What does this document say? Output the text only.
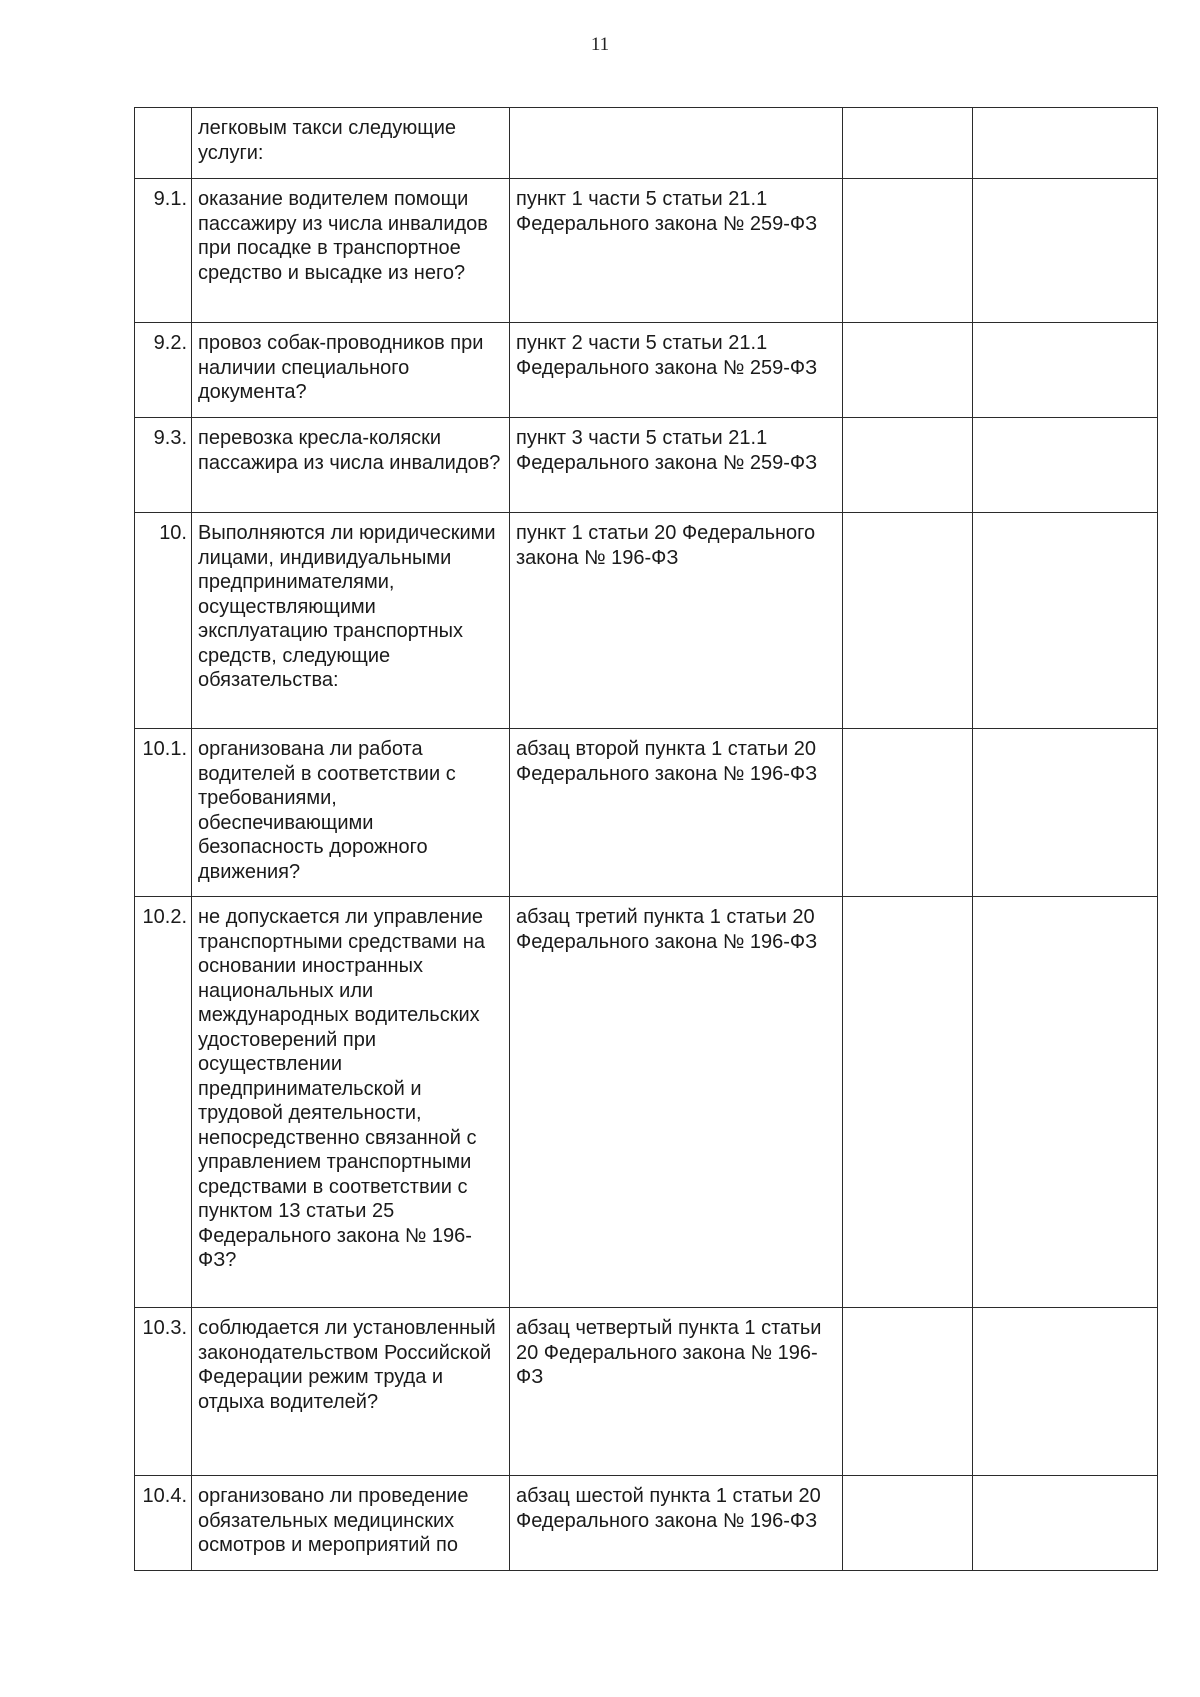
11
	легковым такси следующие услуги:			
9.1.	оказание водителем помощи пассажиру из числа инвалидов при посадке в транспортное средство и высадке из него?	пункт 1 части 5 статьи 21.1 Федерального закона № 259-ФЗ		
9.2.	провоз собак-проводников при наличии специального документа?	пункт 2 части 5 статьи 21.1 Федерального закона № 259-ФЗ		
9.3.	перевозка кресла-коляски пассажира из числа инвалидов?	пункт 3 части 5 статьи 21.1 Федерального закона № 259-ФЗ		
10.	Выполняются ли юридическими лицами, индивидуальными предпринимателями, осуществляющими эксплуатацию транспортных средств, следующие обязательства:	пункт 1 статьи 20 Федерального закона № 196-ФЗ		
10.1.	организована ли работа водителей в соответствии с требованиями, обеспечивающими безопасность дорожного движения?	абзац второй пункта 1 статьи 20 Федерального закона № 196-ФЗ		
10.2.	не допускается ли управление транспортными средствами на основании иностранных национальных или международных водительских удостоверений при осуществлении предпринимательской и трудовой деятельности, непосредственно связанной с управлением транспортными средствами в соответствии с пунктом 13 статьи 25 Федерального закона № 196-ФЗ?	абзац третий пункта 1 статьи 20 Федерального закона № 196-ФЗ		
10.3.	соблюдается ли установленный законодательством Российской Федерации режим труда и отдыха водителей?	абзац четвертый пункта 1 статьи 20 Федерального закона № 196-ФЗ		
10.4.	организовано ли проведение обязательных медицинских осмотров и мероприятий по	абзац шестой пункта 1 статьи 20 Федерального закона № 196-ФЗ		
